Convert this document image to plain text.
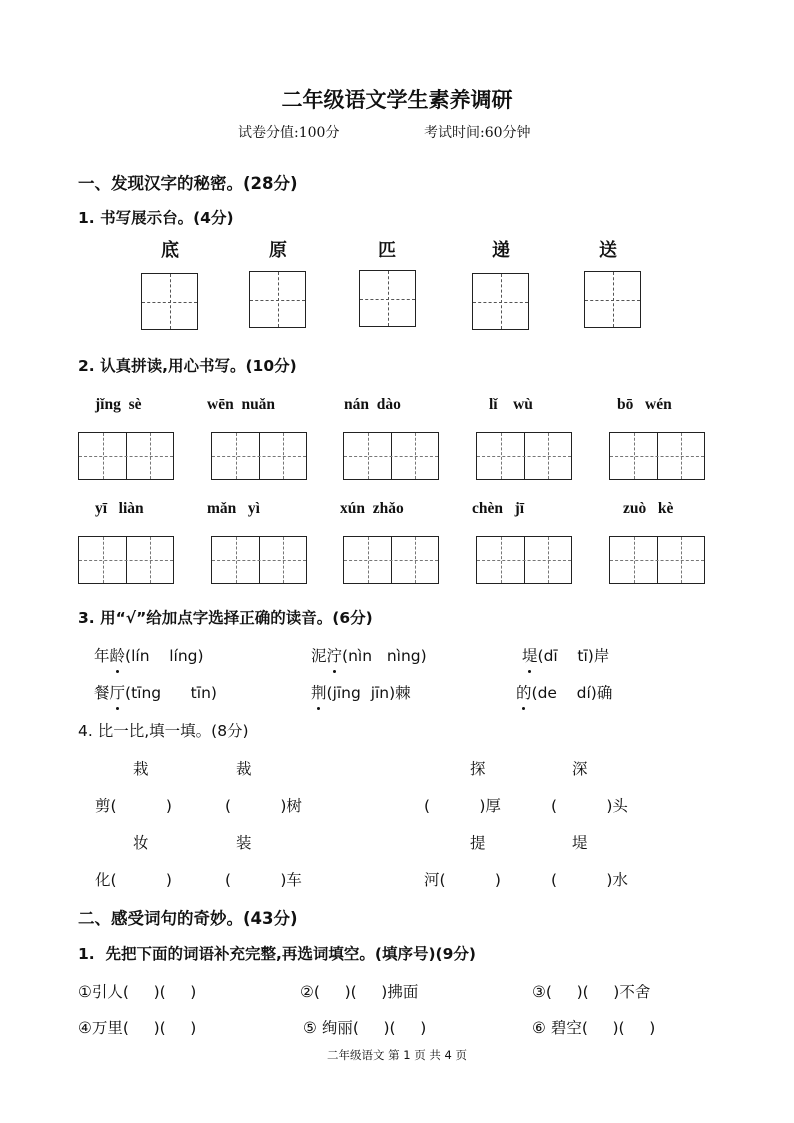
二年级语文学生素养调研
试卷分值:100分	考试时间:60分钟
一、发现汉字的秘密。(28分)
1. 书写展示台。(4分)
底	原	匹	递	送
2. 认真拼读,用心书写。(10分)
jǐng  sè	wēn  nuǎn	nán  dào	lǐ    wù	bō   wén
yī   liàn	mǎn   yì	xún  zhǎo	chèn   jī	zuò   kè
3. 用“√”给加点字选择正确的读音。(6分)
年龄(lín    líng)	泥泞(nìn   nìng)	堤(dī    tī)岸
餐厅(tīng      tīn)	荆(jīng  jīn)棘	的(de    dí)确
4. 比一比,填一填。(8分)
栽	裁	探	深
剪(          )	(          )树	(          )厚	(          )头
妆	装	提	堤
化(          )	(          )车	河(          )	(          )水
二、感受词句的奇妙。(43分)
1.  先把下面的词语补充完整,再选词填空。(填序号)(9分)
①引人(     )(     )	②(     )(     )拂面	③(     )(     )不舍
④万里(     )(     )	⑤ 绚丽(     )(     )	⑥ 碧空(     )(     )
二年级语文 第 1 页 共 4 页
